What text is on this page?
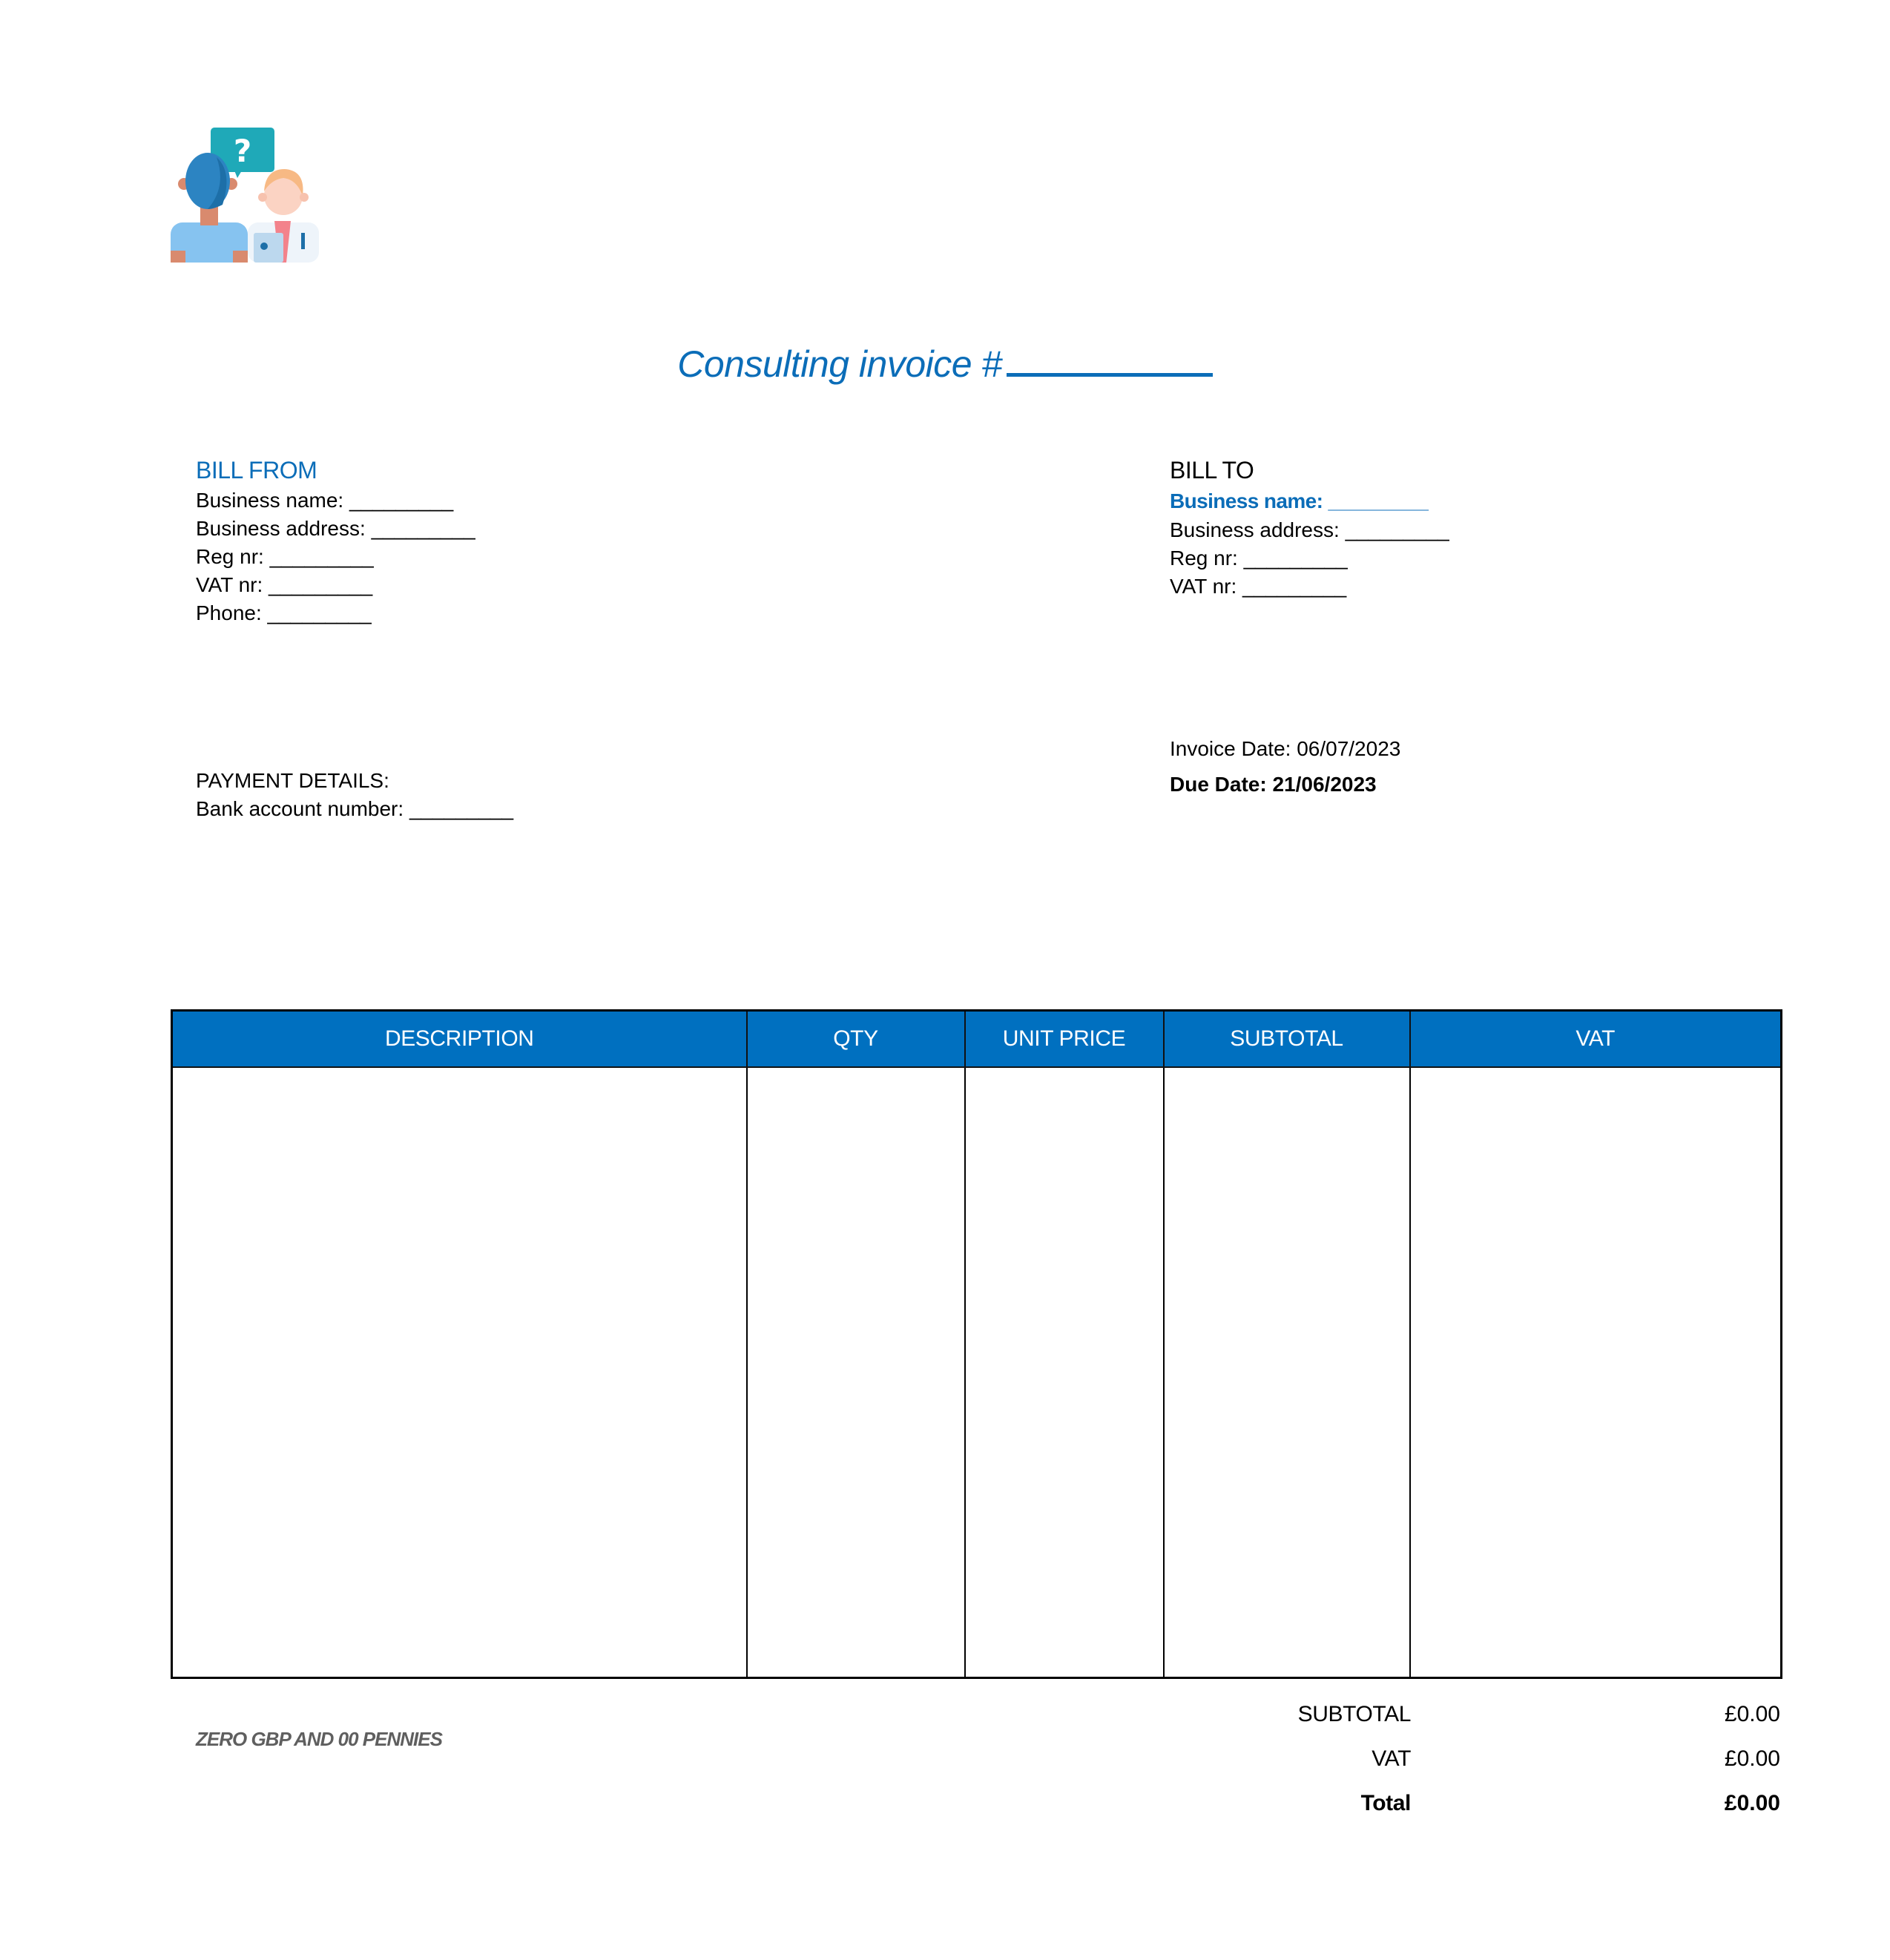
?
Consulting invoice #
BILL FROM
Business name: _________
Business address: _________
Reg nr: _________
VAT nr: _________
Phone: _________
BILL TO
Business name: _________
Business address: _________
Reg nr: _________
VAT nr: _________
PAYMENT DETAILS:
Bank account number: _________
Invoice Date: 06/07/2023
Due Date: 21/06/2023
DESCRIPTION	QTY	UNIT PRICE	SUBTOTAL	VAT

ZERO GBP AND 00 PENNIES
SUBTOTAL	£0.00
VAT	£0.00
Total	£0.00
